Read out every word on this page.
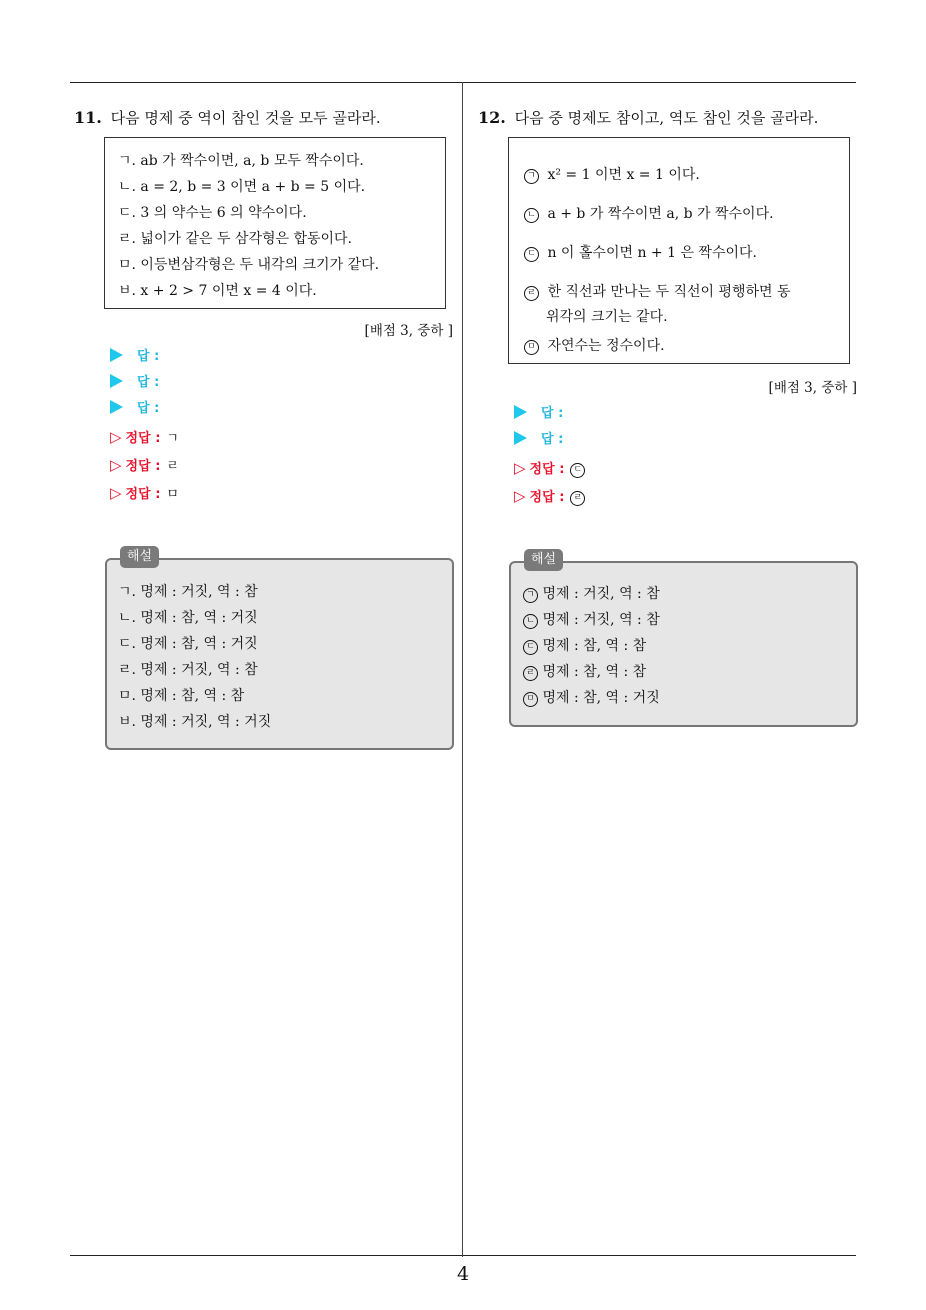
11. 다음 명제 중 역이 참인 것을 모두 골라라.
ㄱ. ab 가 짝수이면, a, b 모두 짝수이다.
ㄴ. a = 2, b = 3 이면 a + b = 5 이다.
ㄷ. 3 의 약수는 6 의 약수이다.
ㄹ. 넓이가 같은 두 삼각형은 합동이다.
ㅁ. 이등변삼각형은 두 내각의 크기가 같다.
ㅂ. x + 2 > 7 이면 x = 4 이다.
[배점 3, 중하 ]
답 :
답 :
답 :
▷ 정답 : ㄱ
▷ 정답 : ㄹ
▷ 정답 : ㅁ
해설
ㄱ. 명제 : 거짓, 역 : 참
ㄴ. 명제 : 참, 역 : 거짓
ㄷ. 명제 : 참, 역 : 거짓
ㄹ. 명제 : 거짓, 역 : 참
ㅁ. 명제 : 참, 역 : 참
ㅂ. 명제 : 거짓, 역 : 거짓
12. 다음 중 명제도 참이고, 역도 참인 것을 골라라.
ㄱ x² = 1 이면 x = 1 이다.
ㄴ a + b 가 짝수이면 a, b 가 짝수이다.
ㄷ n 이 홀수이면 n + 1 은 짝수이다.
ㄹ 한 직선과 만나는 두 직선이 평행하면 동
위각의 크기는 같다.
ㅁ 자연수는 정수이다.
[배점 3, 중하 ]
답 :
답 :
▷ 정답 : ㄷ
▷ 정답 : ㄹ
해설
ㄱ 명제 : 거짓, 역 : 참
ㄴ 명제 : 거짓, 역 : 참
ㄷ 명제 : 참, 역 : 참
ㄹ 명제 : 참, 역 : 참
ㅁ 명제 : 참, 역 : 거짓
4
